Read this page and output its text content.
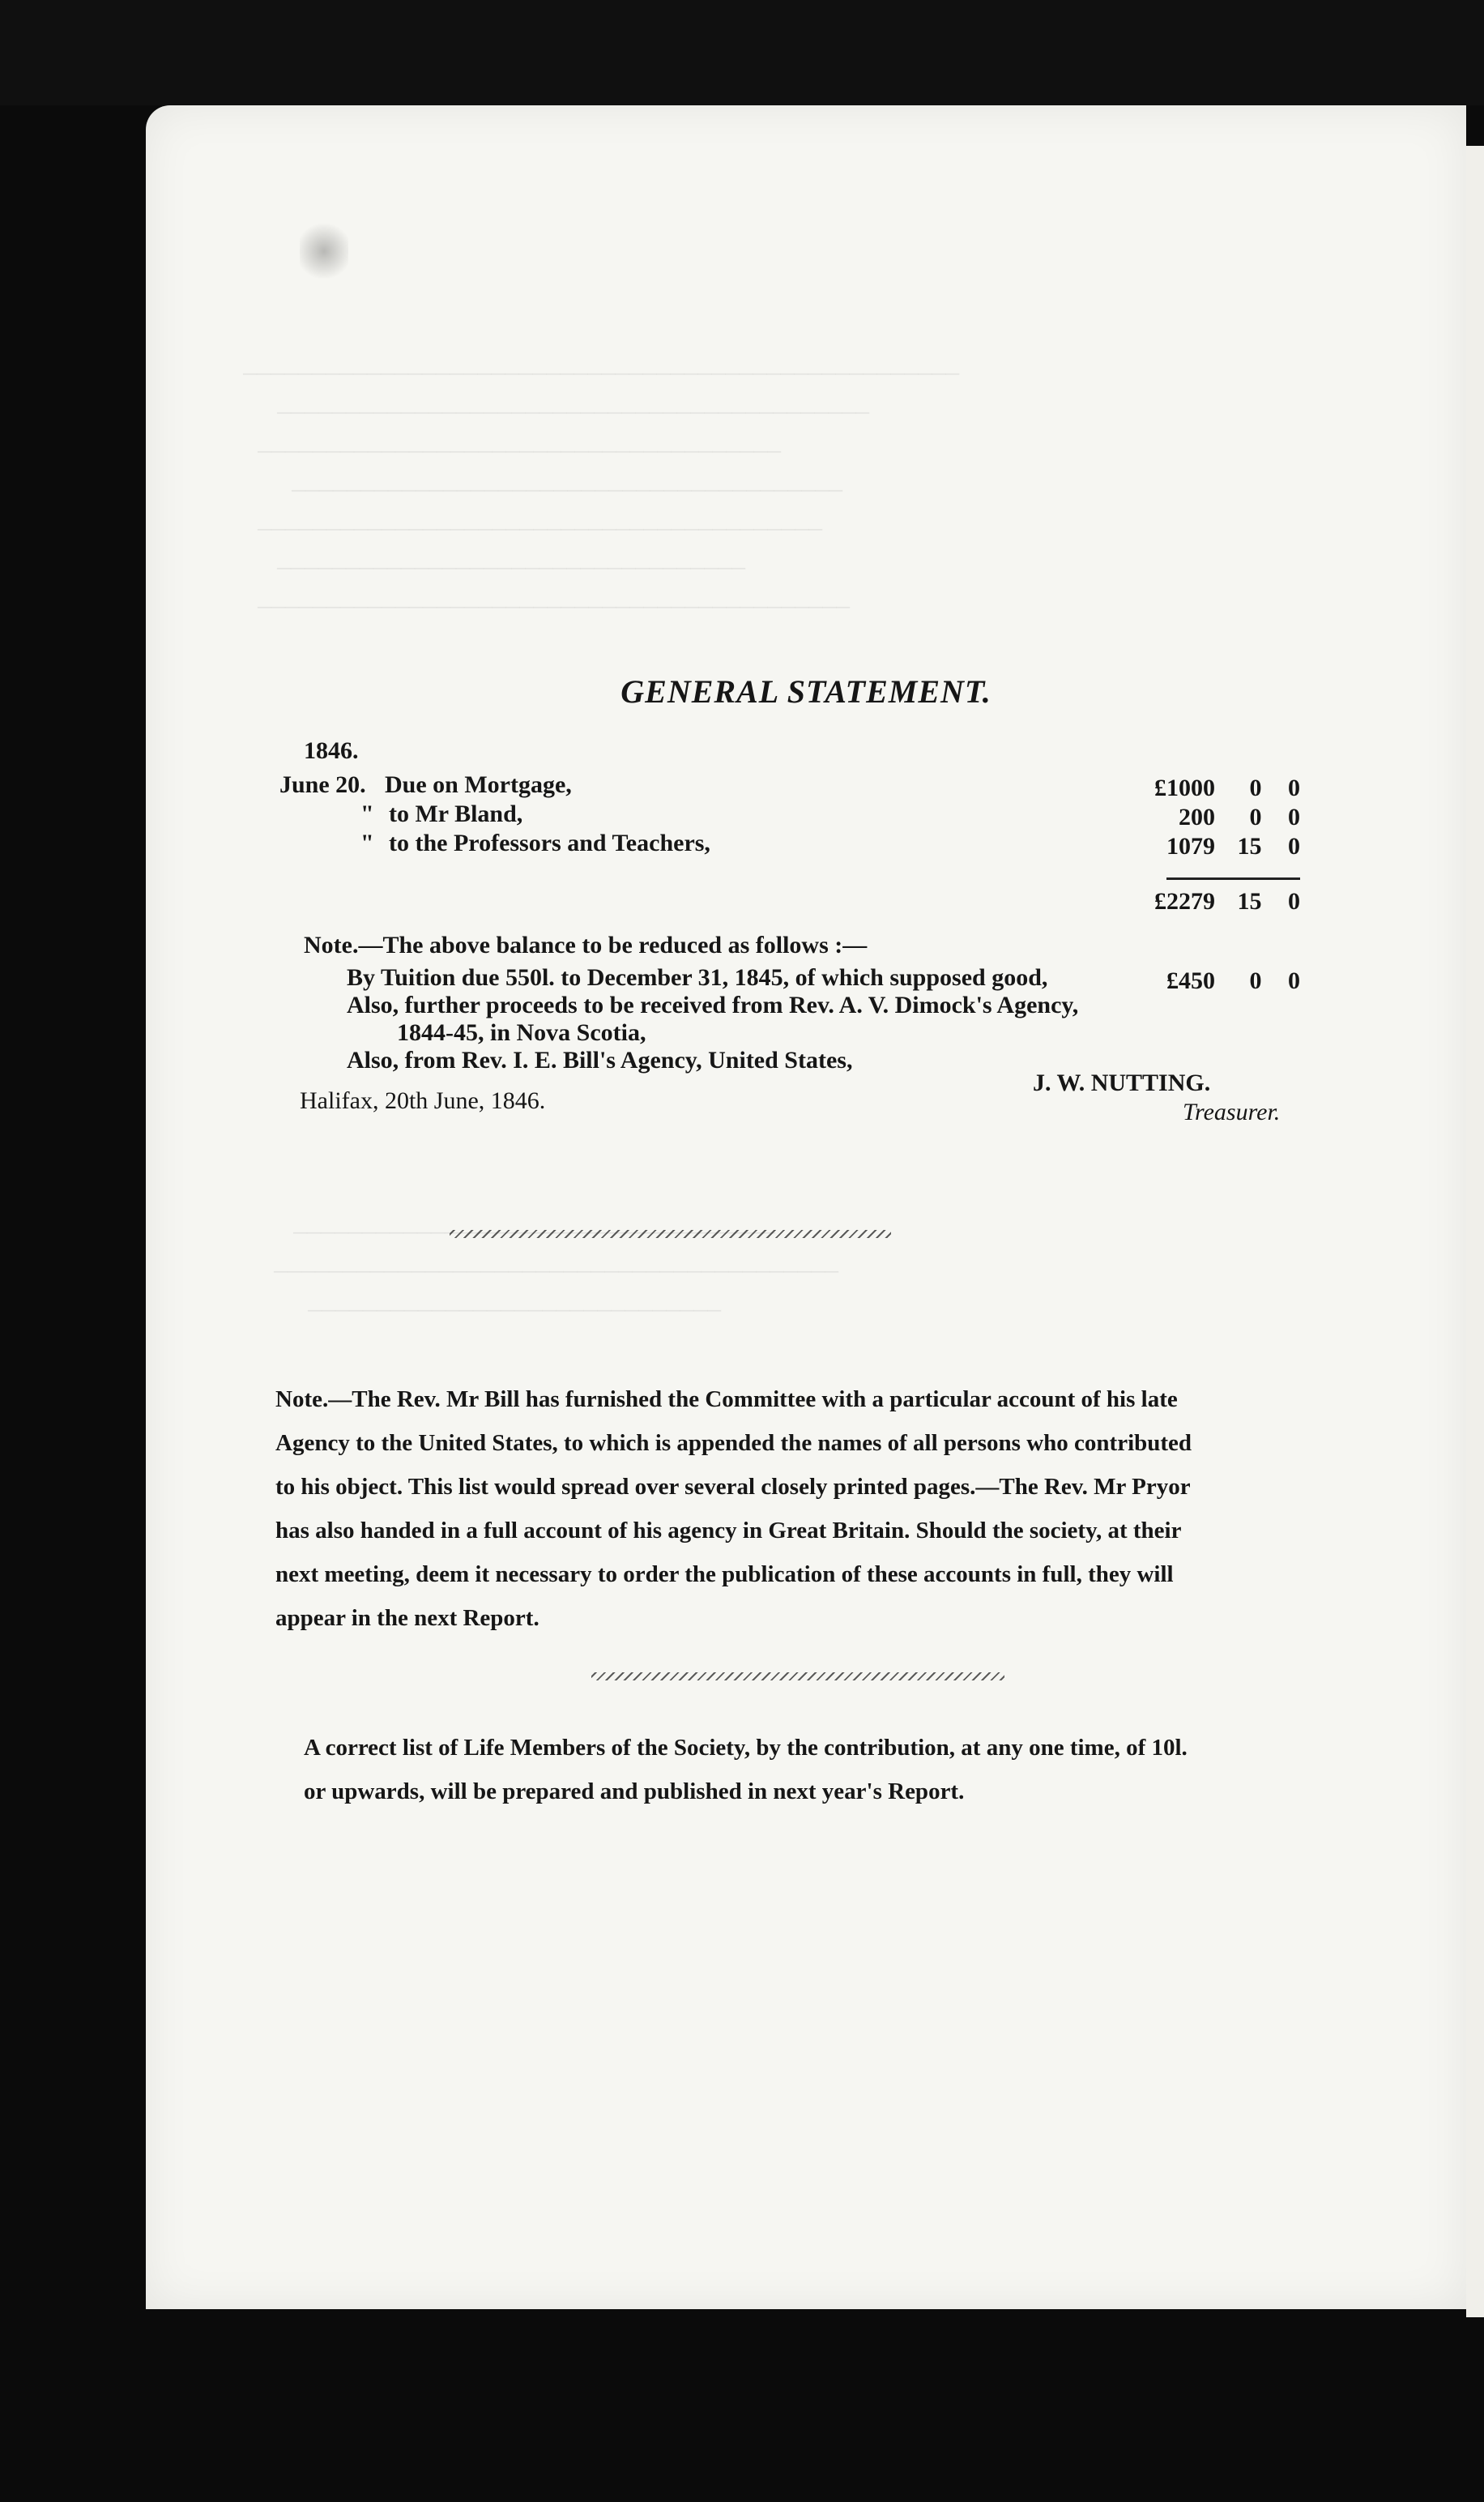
────────────────────────────────────────────────────
───────────────────────────────────────────
──────────────────────────────────────
────────────────────────────────────────
─────────────────────────────────────────
──────────────────────────────────
───────────────────────────────────────────

─────────────────────────────────────────
──────────────────────────────

GENERAL STATEMENT.
1846.
June 20. Due on Mortgage,	£1000 0 0
" to Mr Bland,	200 0 0
" to the Professors and Teachers,	1079 15 0
£2279 15 0
Note.—The above balance to be reduced as follows :—
By Tuition due 550l. to December 31, 1845, of which supposed good,	£450 0 0
Also, further proceeds to be received from Rev. A. V. Dimock's Agency,
1844-45, in Nova Scotia,
Also, from Rev. I. E. Bill's Agency, United States,
Halifax, 20th June, 1846.
J. W. NUTTING.
Treasurer.
Note.—The Rev. Mr Bill has furnished the Committee with a particular account of his late
Agency to the United States, to which is appended the names of all persons who contributed
to his object. This list would spread over several closely printed pages.—The Rev. Mr Pryor
has also handed in a full account of his agency in Great Britain. Should the society, at their
next meeting, deem it necessary to order the publication of these accounts in full, they will
appear in the next Report.
A correct list of Life Members of the Society, by the contribution, at any one time, of 10l.
or upwards, will be prepared and published in next year's Report.
